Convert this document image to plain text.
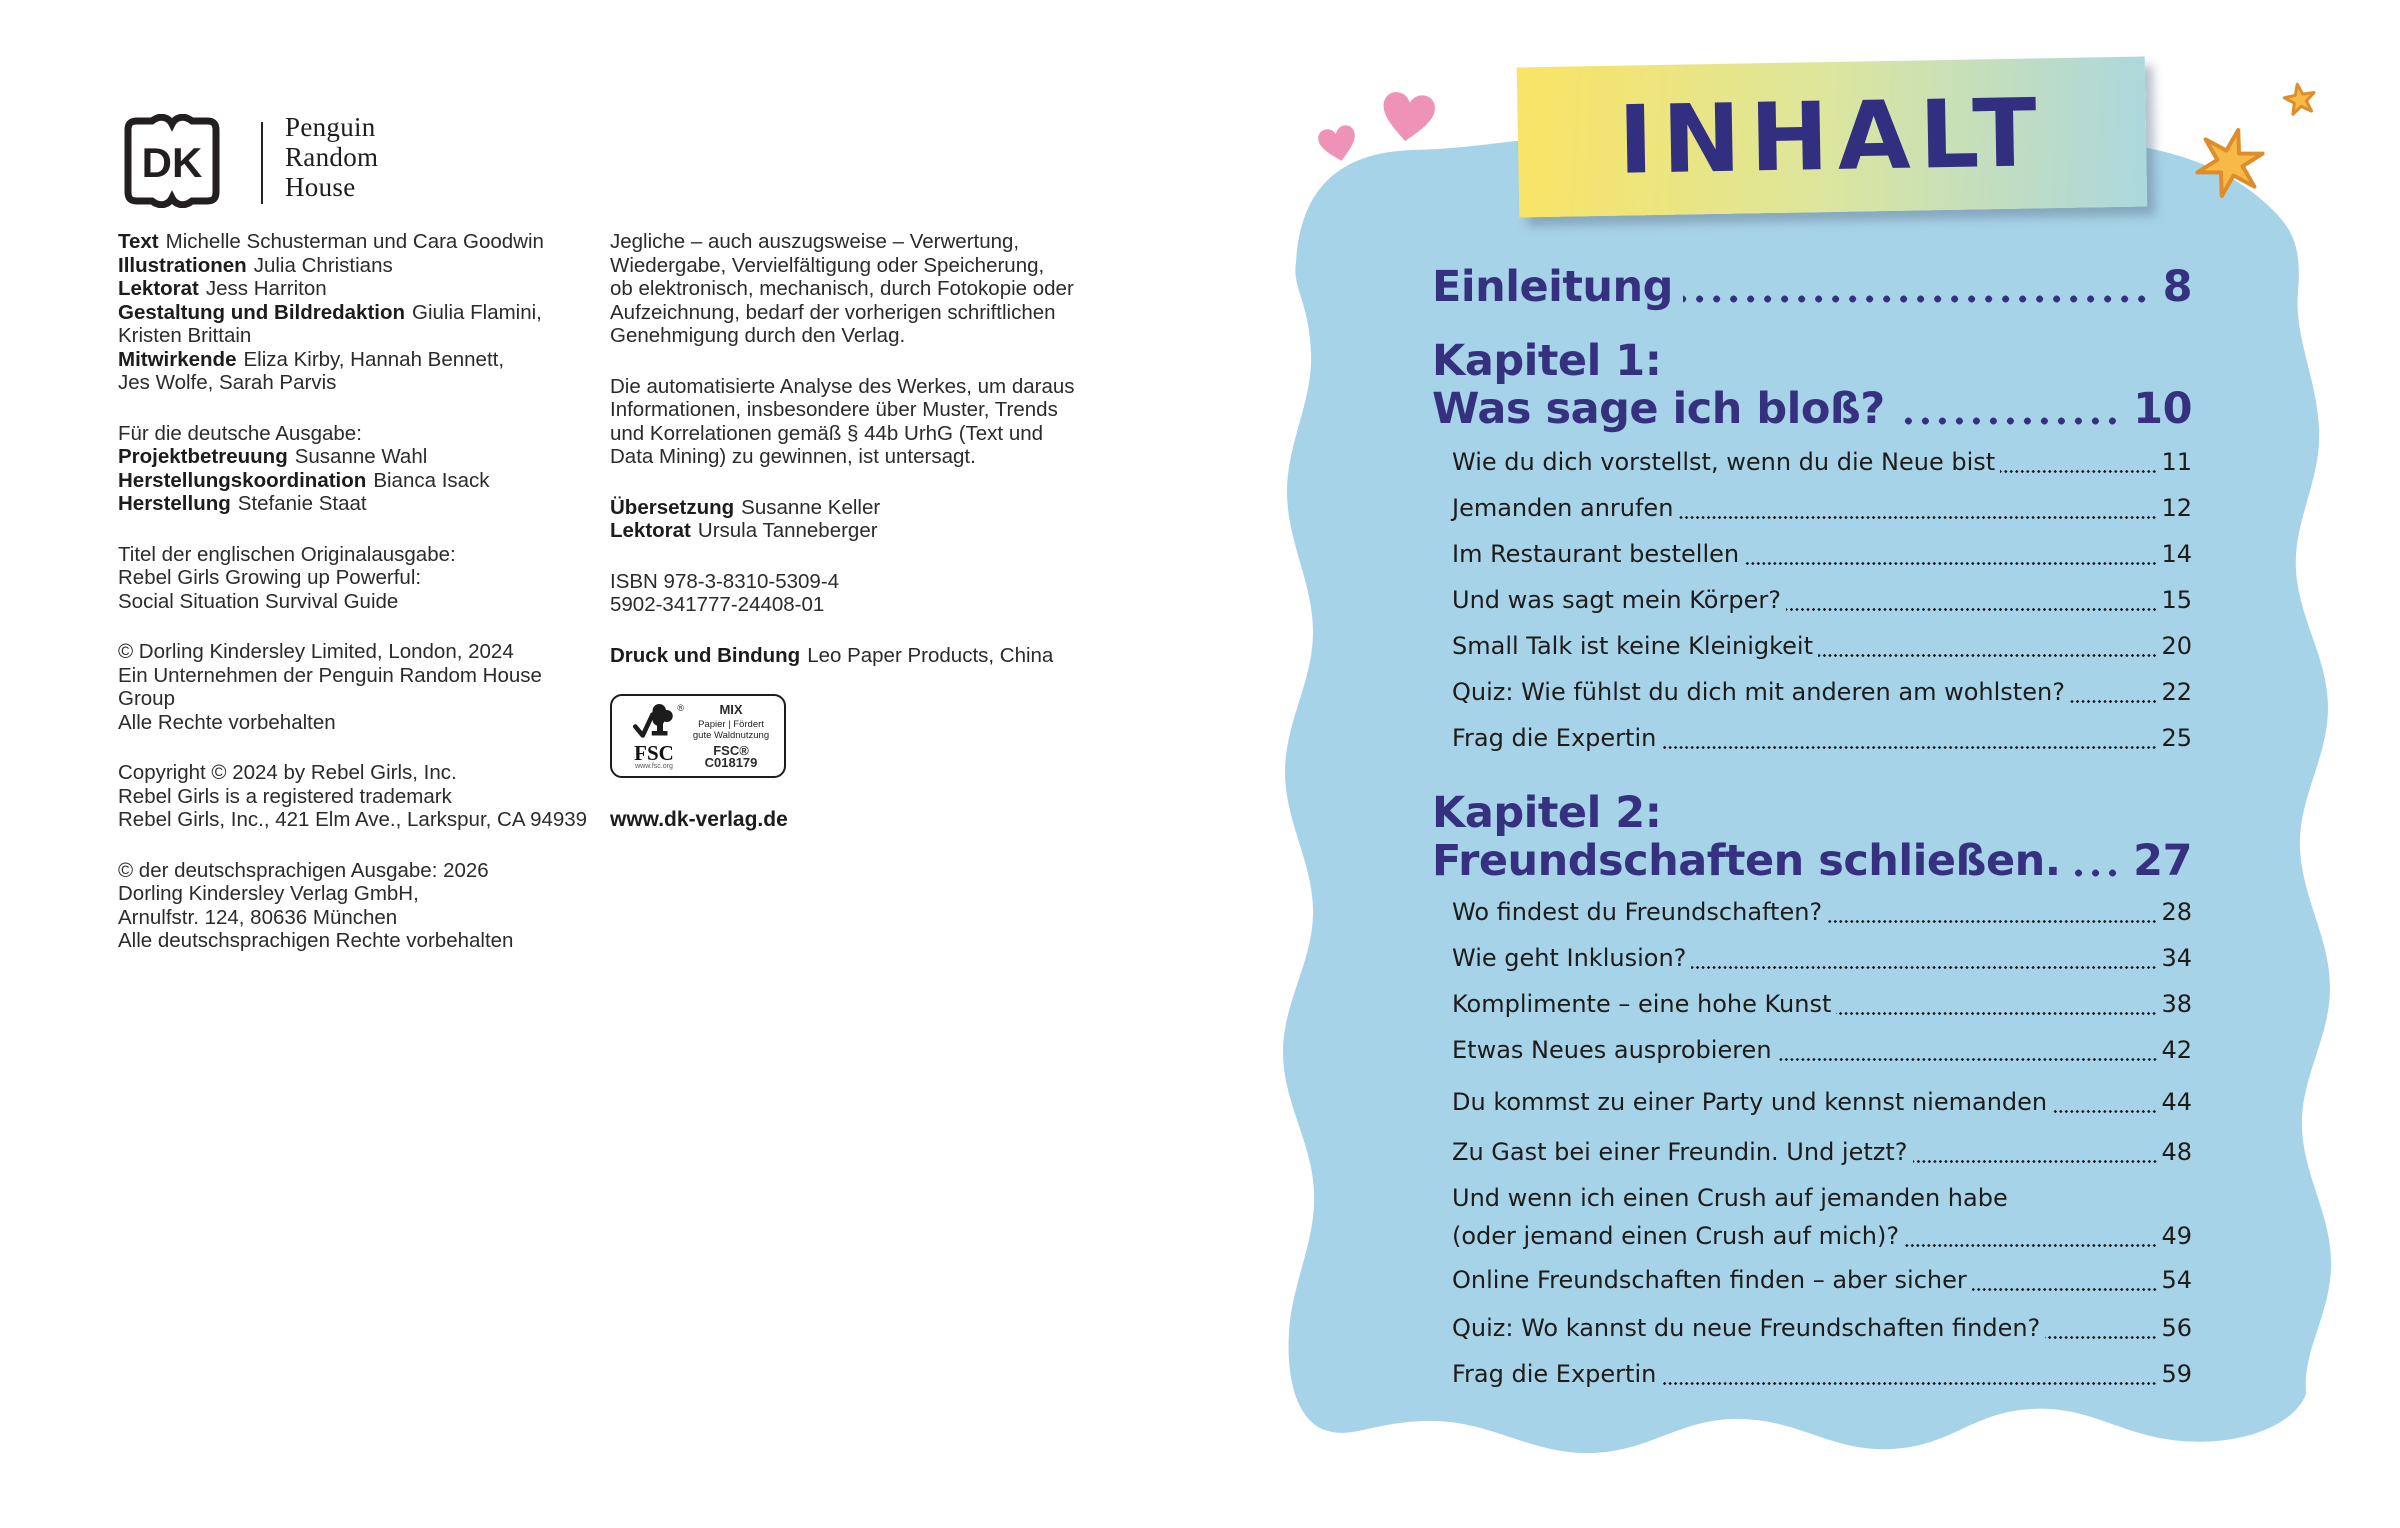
DK
Penguin
Random
House

Text Michelle Schusterman und Cara Goodwin
Illustrationen Julia Christians
Lektorat Jess Harriton
Gestaltung und Bildredaktion Giulia Flamini,
Kristen Brittain
Mitwirkende Eliza Kirby, Hannah Bennett,
Jes Wolfe, Sarah Parvis

Für die deutsche Ausgabe:
Projektbetreuung Susanne Wahl
Herstellungskoordination Bianca Isack
Herstellung Stefanie Staat

Titel der englischen Originalausgabe:
Rebel Girls Growing up Powerful:
Social Situation Survival Guide

© Dorling Kindersley Limited, London, 2024
Ein Unternehmen der Penguin Random House
Group
Alle Rechte vorbehalten

Copyright © 2024 by Rebel Girls, Inc.
Rebel Girls is a registered trademark
Rebel Girls, Inc., 421 Elm Ave., Larkspur, CA 94939

© der deutschsprachigen Ausgabe: 2026
Dorling Kindersley Verlag GmbH,
Arnulfstr. 124, 80636 München
Alle deutschsprachigen Rechte vorbehalten

Jegliche – auch auszugsweise – Verwertung,
Wiedergabe, Vervielfältigung oder Speicherung,
ob elektronisch, mechanisch, durch Fotokopie oder
Aufzeichnung, bedarf der vorherigen schriftlichen
Genehmigung durch den Verlag.

Die automatisierte Analyse des Werkes, um daraus
Informationen, insbesondere über Muster, Trends
und Korrelationen gemäß § 44b UrhG (Text und
Data Mining) zu gewinnen, ist untersagt.

Übersetzung Susanne Keller
Lektorat Ursula Tanneberger

ISBN 978-3-8310-5309-4
5902-341777-24408-01

Druck und Bindung Leo Paper Products, China

®
FSC
www.fsc.org
MIX
Papier | Fördert
gute Waldnutzung
FSC® C018179
www.dk-verlag.de
INHALT
Einleitung	8
Kapitel 1:
Was sage ich bloß?	10
Wie du dich vorstellst, wenn du die Neue bist	11
Jemanden anrufen	12
Im Restaurant bestellen	14
Und was sagt mein Körper?	15
Small Talk ist keine Kleinigkeit	20
Quiz: Wie fühlst du dich mit anderen am wohlsten?	22
Frag die Expertin	25
Kapitel 2:
Freundschaften schließen. 27
Wo findest du Freundschaften?	28
Wie geht Inklusion?	34
Komplimente – eine hohe Kunst	38
Etwas Neues ausprobieren	42
Du kommst zu einer Party und kennst niemanden	44
Zu Gast bei einer Freundin. Und jetzt?	48
Und wenn ich einen Crush auf jemanden habe
(oder jemand einen Crush auf mich)?	49
Online Freundschaften finden – aber sicher	54
Quiz: Wo kannst du neue Freundschaften finden?	56
Frag die Expertin	59
